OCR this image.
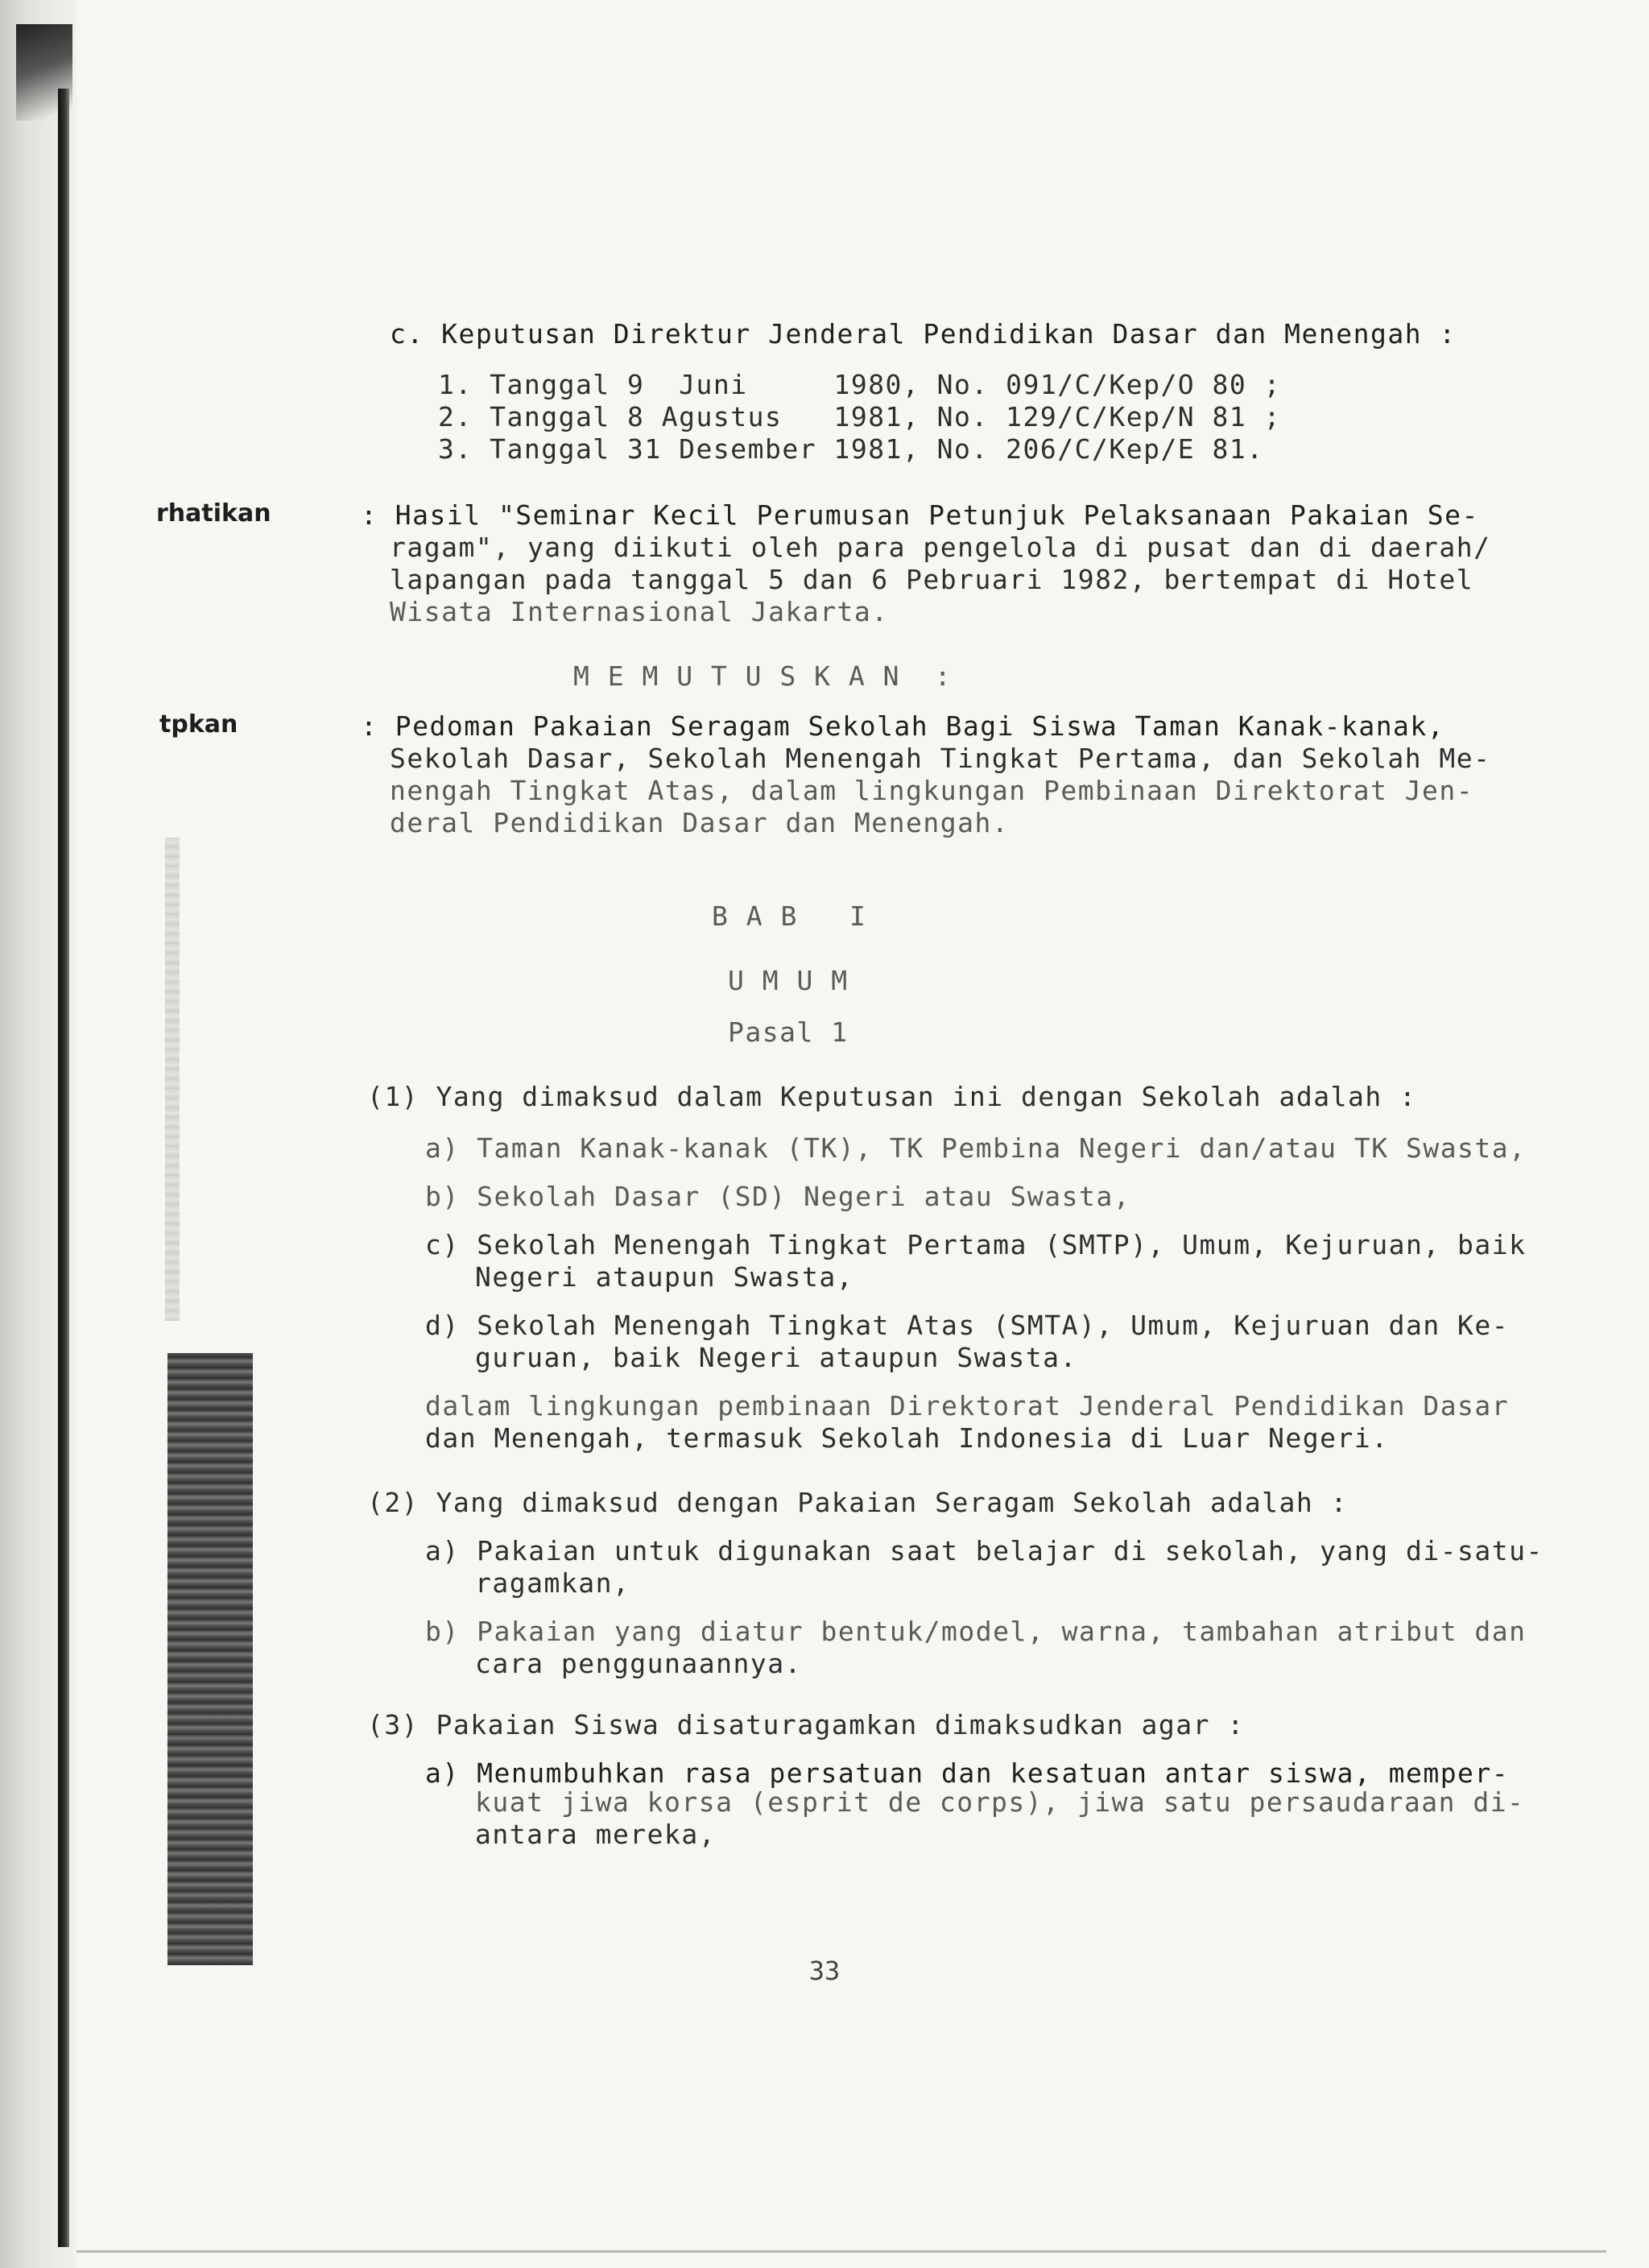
c. Keputusan Direktur Jenderal Pendidikan Dasar dan Menengah :
1. Tanggal 9  Juni     1980, No. 091/C/Kep/O 80 ;
2. Tanggal 8 Agustus   1981, No. 129/C/Kep/N 81 ;
3. Tanggal 31 Desember 1981, No. 206/C/Kep/E 81.
rhatikan	: Hasil "Seminar Kecil Perumusan Petunjuk Pelaksanaan Pakaian Se-
ragam", yang diikuti oleh para pengelola di pusat dan di daerah/
lapangan pada tanggal 5 dan 6 Pebruari 1982, bertempat di Hotel
Wisata Internasional Jakarta.
M E M U T U S K A N  :
tpkan	: Pedoman Pakaian Seragam Sekolah Bagi Siswa Taman Kanak-kanak,
Sekolah Dasar, Sekolah Menengah Tingkat Pertama, dan Sekolah Me-
nengah Tingkat Atas, dalam lingkungan Pembinaan Direktorat Jen-
deral Pendidikan Dasar dan Menengah.
B A B   I
U M U M
Pasal 1
(1) Yang dimaksud dalam Keputusan ini dengan Sekolah adalah :
a) Taman Kanak-kanak (TK), TK Pembina Negeri dan/atau TK Swasta,
b) Sekolah Dasar (SD) Negeri atau Swasta,
c) Sekolah Menengah Tingkat Pertama (SMTP), Umum, Kejuruan, baik
Negeri ataupun Swasta,
d) Sekolah Menengah Tingkat Atas (SMTA), Umum, Kejuruan dan Ke-
guruan, baik Negeri ataupun Swasta.
dalam lingkungan pembinaan Direktorat Jenderal Pendidikan Dasar
dan Menengah, termasuk Sekolah Indonesia di Luar Negeri.
(2) Yang dimaksud dengan Pakaian Seragam Sekolah adalah :
a) Pakaian untuk digunakan saat belajar di sekolah, yang di-satu-
ragamkan,
b) Pakaian yang diatur bentuk/model, warna, tambahan atribut dan
cara penggunaannya.
(3) Pakaian Siswa disaturagamkan dimaksudkan agar :
a) Menumbuhkan rasa persatuan dan kesatuan antar siswa, memper-
kuat jiwa korsa (esprit de corps), jiwa satu persaudaraan di-
antara mereka,
33
